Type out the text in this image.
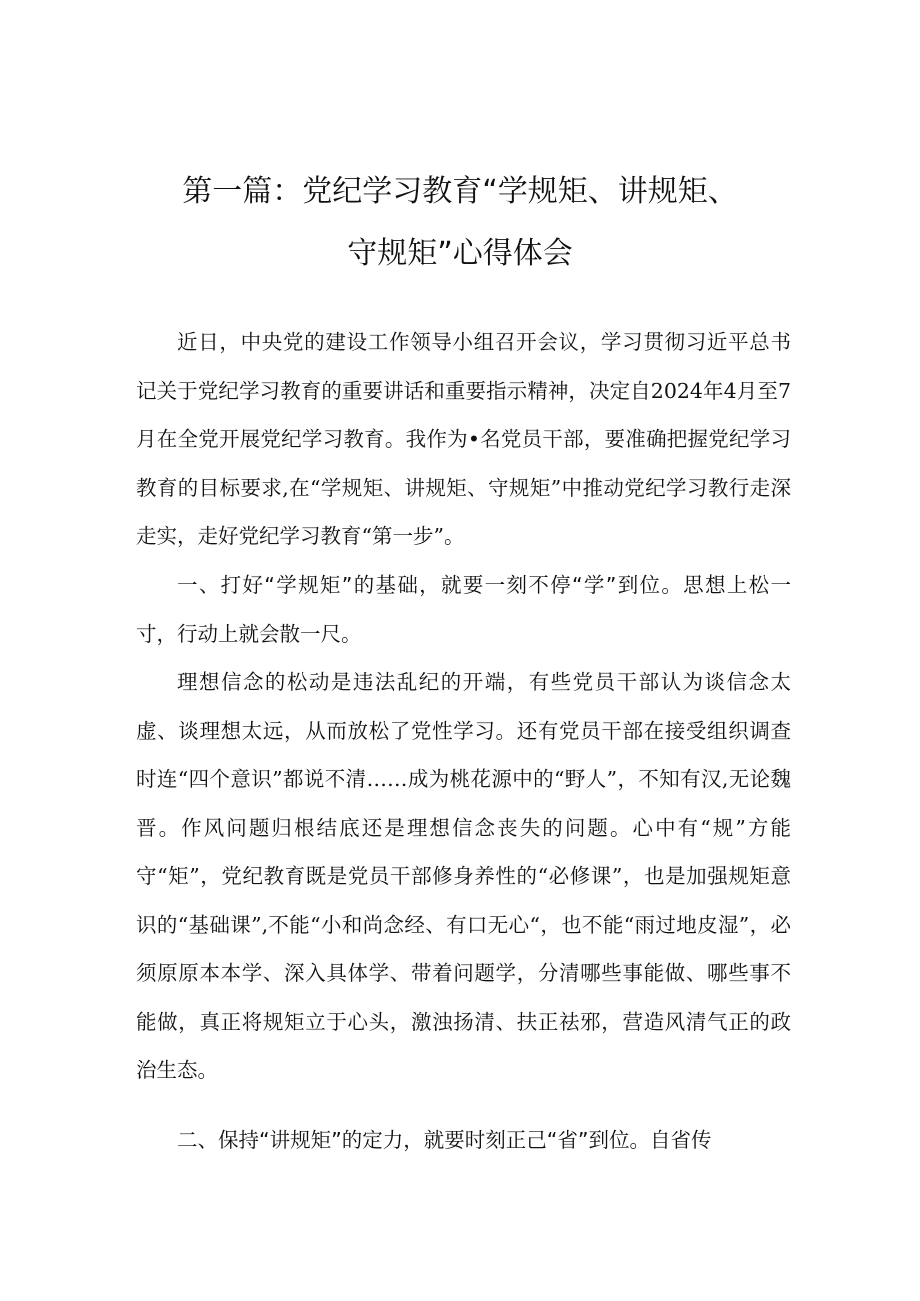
第一篇：党纪学习教育“学规矩、讲规矩、
守规矩”心得体会

近日，中央党的建设工作领导小组召开会议，学习贯彻习近平总书记关于党纪学习教育的重要讲话和重要指示精神，决定自2024年4月至7月在全党开展党纪学习教育。我作为•名党员干部，要准确把握党纪学习教育的目标要求,在“学规矩、讲规矩、守规矩”中推动党纪学习教行走深走实，走好党纪学习教育“第一步”。

一、打好“学规矩”的基础，就要一刻不停“学”到位。思想上松一寸，行动上就会散一尺。

理想信念的松动是违法乱纪的开端，有些党员干部认为谈信念太虚、谈理想太远，从而放松了党性学习。还有党员干部在接受组织调查时连“四个意识”都说不清……成为桃花源中的“野人”，不知有汉,无论魏晋。作风问题归根结底还是理想信念丧失的问题。心中有“规”方能守“矩”，党纪教育既是党员干部修身养性的“必修课”，也是加强规矩意识的“基础课”,不能“小和尚念经、有口无心“，也不能“雨过地皮湿”，必须原原本本学、深入具体学、带着问题学，分清哪些事能做、哪些事不能做，真正将规矩立于心头，激浊扬清、扶正祛邪，营造风清气正的政治生态。

二、保持“讲规矩”的定力，就要时刻正己“省”到位。自省传
